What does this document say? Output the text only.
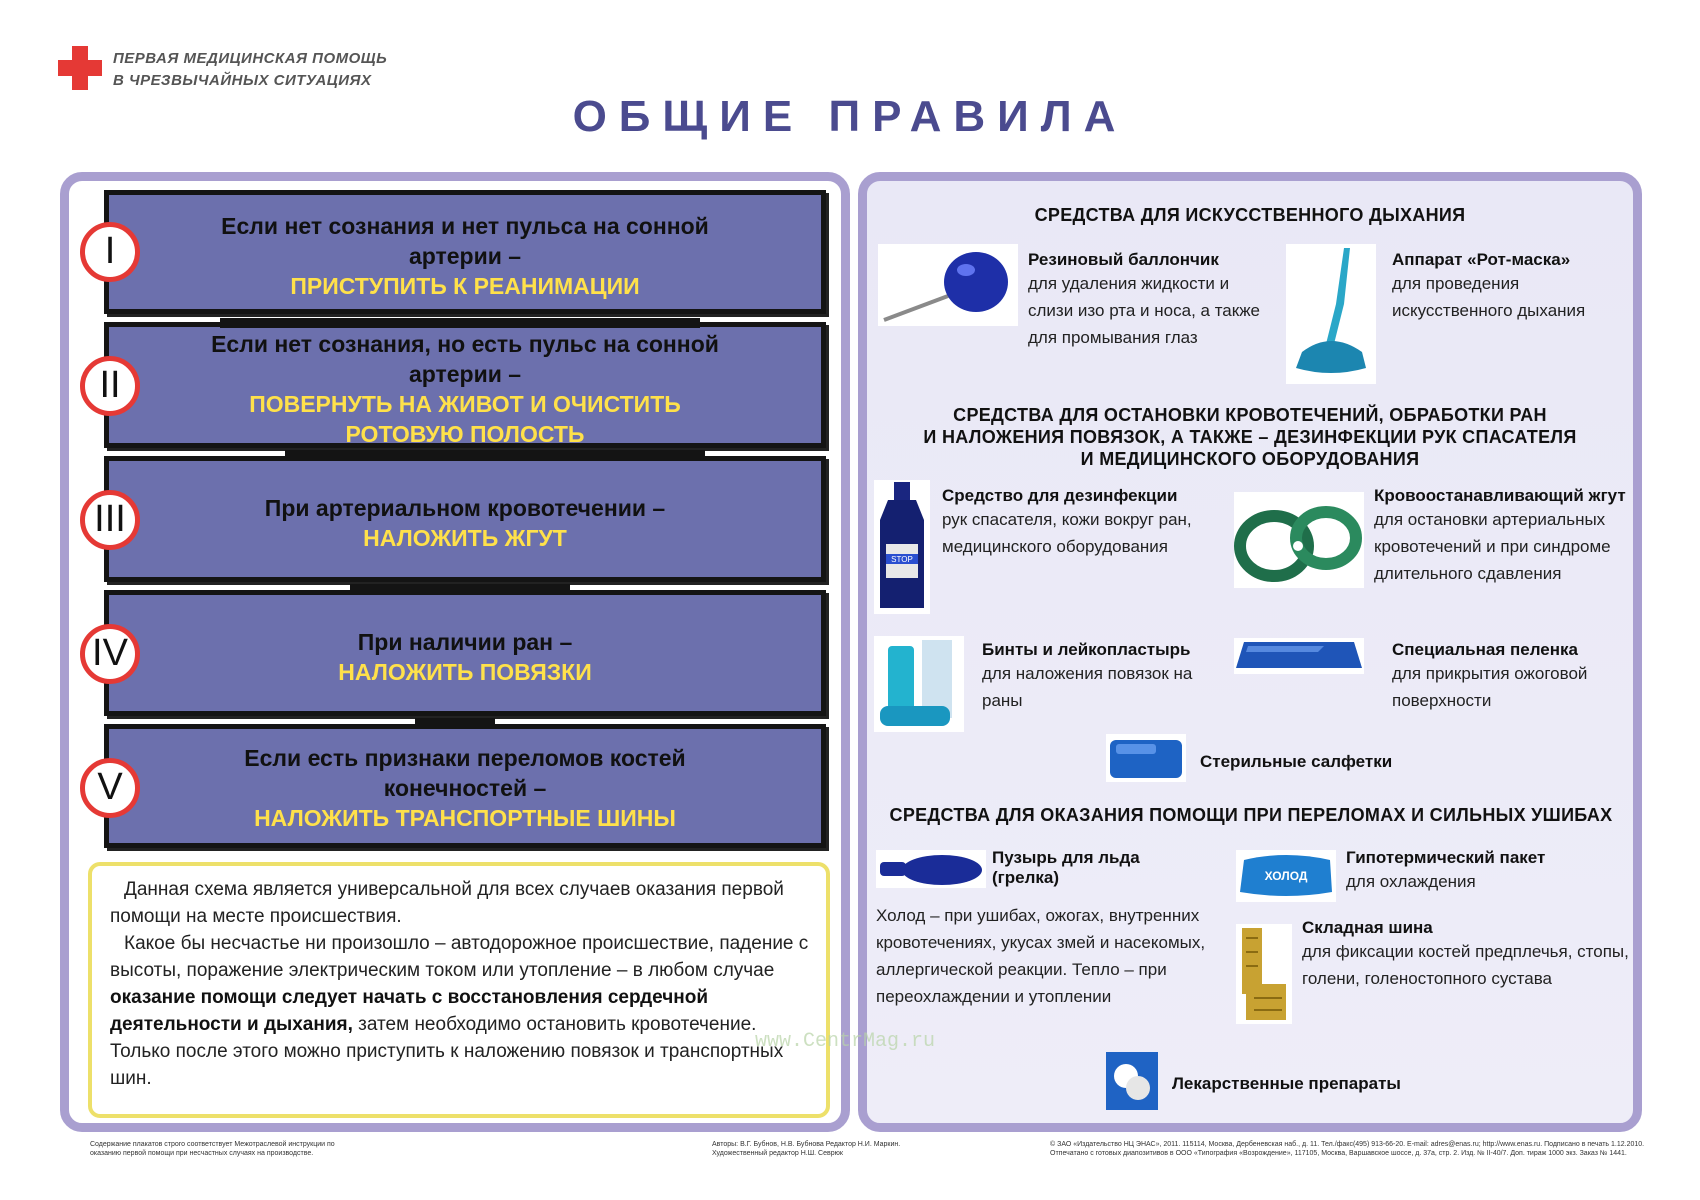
ПЕРВАЯ МЕДИЦИНСКАЯ ПОМОЩЬ
В ЧРЕЗВЫЧАЙНЫХ СИТУАЦИЯХ
ОБЩИЕ ПРАВИЛА
Если нет сознания и нет пульса на сонной
артерии –
ПРИСТУПИТЬ К РЕАНИМАЦИИ
I
Если нет сознания, но есть пульс на сонной
артерии –
ПОВЕРНУТЬ НА ЖИВОТ И ОЧИСТИТЬ
РОТОВУЮ ПОЛОСТЬ
II
При артериальном кровотечении –
НАЛОЖИТЬ ЖГУТ
III
При наличии ран –
НАЛОЖИТЬ ПОВЯЗКИ
IV
Если есть признаки переломов костей
конечностей –
НАЛОЖИТЬ ТРАНСПОРТНЫЕ ШИНЫ
V

Данная схема является универсальной для всех случаев оказания первой помощи на месте происшествия.

Какое бы несчастье ни произошло – автодорожное происшествие, падение с высоты, поражение электрическим током или утопление – в любом случае оказание помощи следует начать с восстановления сердечной деятельности и дыхания, затем необходимо остановить кровотечение. Только после этого можно приступить к наложению повязок и транспортных шин.

СРЕДСТВА ДЛЯ ИСКУССТВЕННОГО ДЫХАНИЯ
Резиновый баллончик
для удаления жидкости и слизи изо рта и носа, а также для промывания глаз
Аппарат «Рот-маска»
для проведения искусственного дыхания
СРЕДСТВА ДЛЯ ОСТАНОВКИ КРОВОТЕЧЕНИЙ, ОБРАБОТКИ РАН
И НАЛОЖЕНИЯ ПОВЯЗОК, А ТАКЖЕ – ДЕЗИНФЕКЦИИ РУК СПАСАТЕЛЯ
И МЕДИЦИНСКОГО ОБОРУДОВАНИЯ
STOP
Средство для дезинфекции
рук спасателя, кожи вокруг ран, медицинского оборудования
Кровоостанавливающий жгут
для остановки артериальных кровотечений и при синдроме длительного сдавления
Бинты и лейкопластырь
для наложения повязок на раны
Специальная пеленка
для прикрытия ожоговой поверхности
Стерильные салфетки
СРЕДСТВА ДЛЯ ОКАЗАНИЯ ПОМОЩИ ПРИ ПЕРЕЛОМАХ И СИЛЬНЫХ УШИБАХ
Пузырь для льда (грелка)
Холод – при ушибах, ожогах, внутренних кровотечениях, укусах змей и насекомых, аллергической реакции. Тепло – при переохлаждении и утоплении
ХОЛОД
Гипотермический пакет
для охлаждения
Складная шина
для фиксации костей предплечья, стопы, голени, голеностопного сустава
Лекарственные препараты
www.CentrMag.ru
Содержание плакатов строго соответствует Межотраслевой инструкции по оказанию первой помощи при несчастных случаях на производстве.
Авторы: В.Г. Бубнов, Н.В. Бубнова Редактор Н.И. Маркин. Художественный редактор Н.Ш. Севрюк
© ЗАО «Издательство НЦ ЭНАС», 2011. 115114, Москва, Дербеневская наб., д. 11. Тел./факс(495) 913-66-20. E-mail: adres@enas.ru; http://www.enas.ru. Подписано в печать 1.12.2010. Отпечатано с готовых диапозитивов в ООО «Типография «Возрождение», 117105, Москва, Варшавское шоссе, д. 37а, стр. 2. Изд. № II-40/7. Доп. тираж 1000 экз. Заказ № 1441.
